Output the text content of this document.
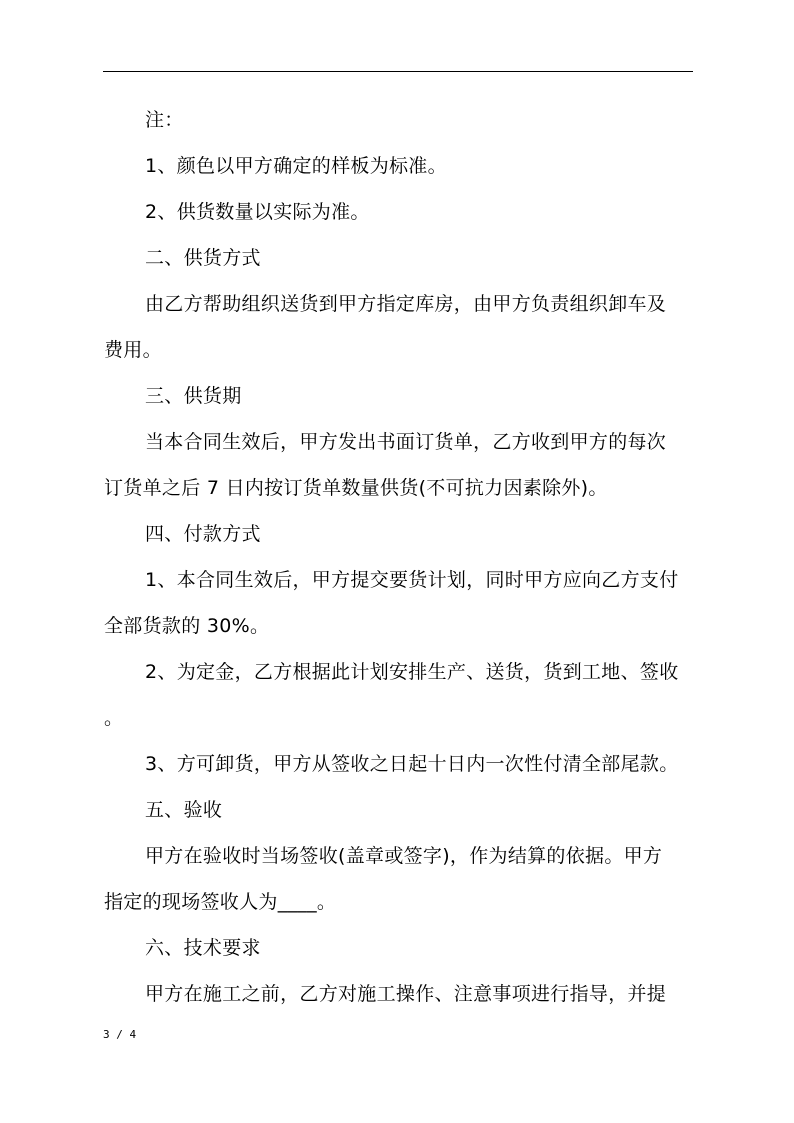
注：
1、颜色以甲方确定的样板为标准。
2、供货数量以实际为准。
二、供货方式
由乙方帮助组织送货到甲方指定库房，由甲方负责组织卸车及
费用。
三、供货期
当本合同生效后，甲方发出书面订货单，乙方收到甲方的每次
订货单之后 7 日内按订货单数量供货(不可抗力因素除外)。
四、付款方式
1、本合同生效后，甲方提交要货计划，同时甲方应向乙方支付
全部货款的 30%。
2、为定金，乙方根据此计划安排生产、送货，货到工地、签收
。
3、方可卸货，甲方从签收之日起十日内一次性付清全部尾款。
五、验收
甲方在验收时当场签收(盖章或签字)，作为结算的依据。甲方
指定的现场签收人为____。
六、技术要求
甲方在施工之前，乙方对施工操作、注意事项进行指导，并提
3 / 4
